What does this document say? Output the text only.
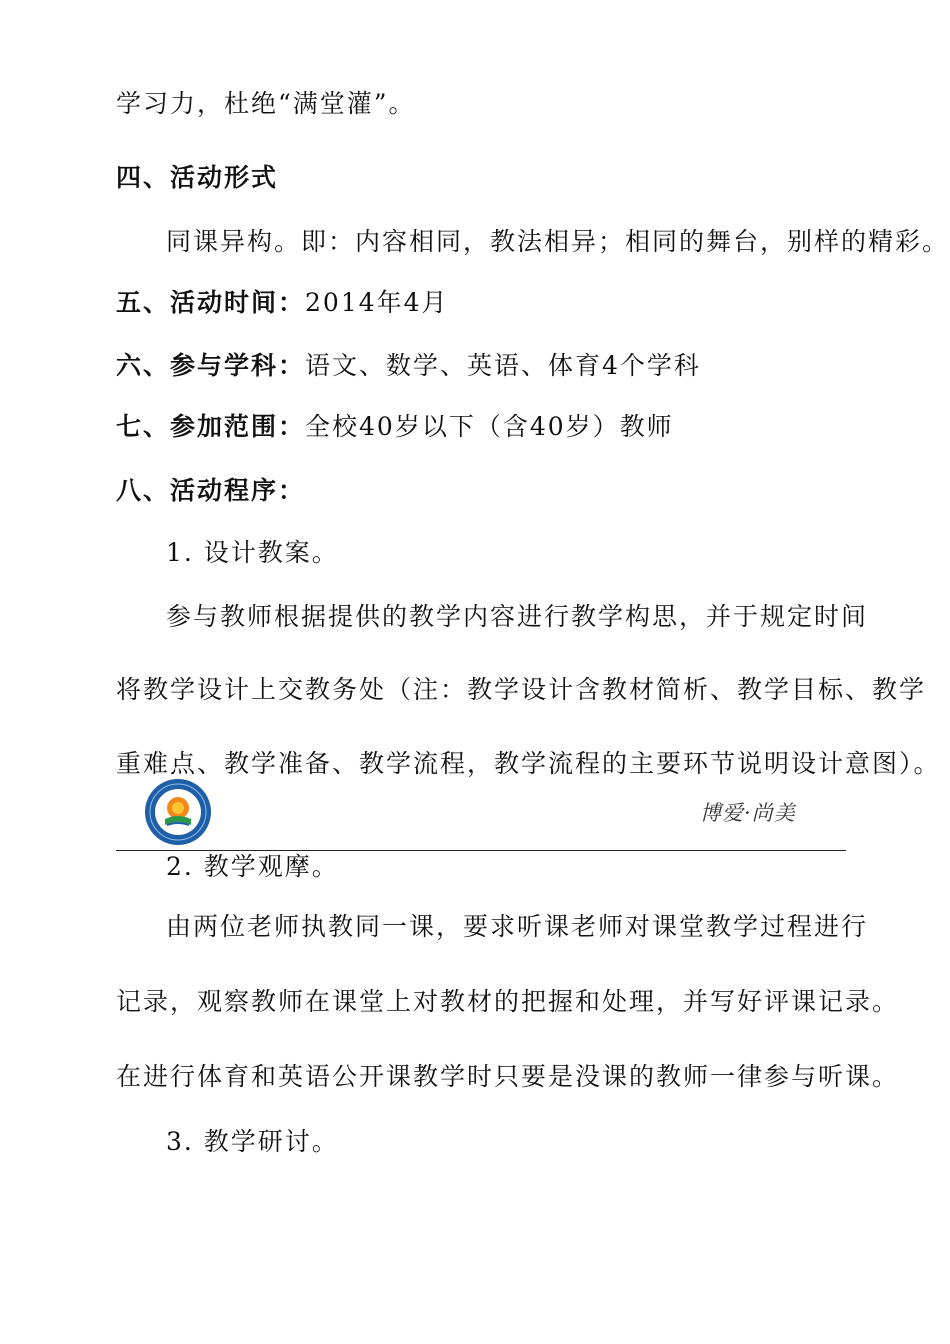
学习力，杜绝“满堂灌”。
四、活动形式
同课异构。即：内容相同，教法相异；相同的舞台，别样的精彩。
五、活动时间：2014年4月
六、参与学科：语文、数学、英语、体育4个学科
七、参加范围：全校40岁以下（含40岁）教师
八、活动程序：
1. 设计教案。
参与教师根据提供的教学内容进行教学构思，并于规定时间
将教学设计上交教务处（注：教学设计含教材简析、教学目标、教学
重难点、教学准备、教学流程，教学流程的主要环节说明设计意图）。
2. 教学观摩。
由两位老师执教同一课，要求听课老师对课堂教学过程进行
记录，观察教师在课堂上对教材的把握和处理，并写好评课记录。
在进行体育和英语公开课教学时只要是没课的教师一律参与听课。
3. 教学研讨。
博爱·尚美
